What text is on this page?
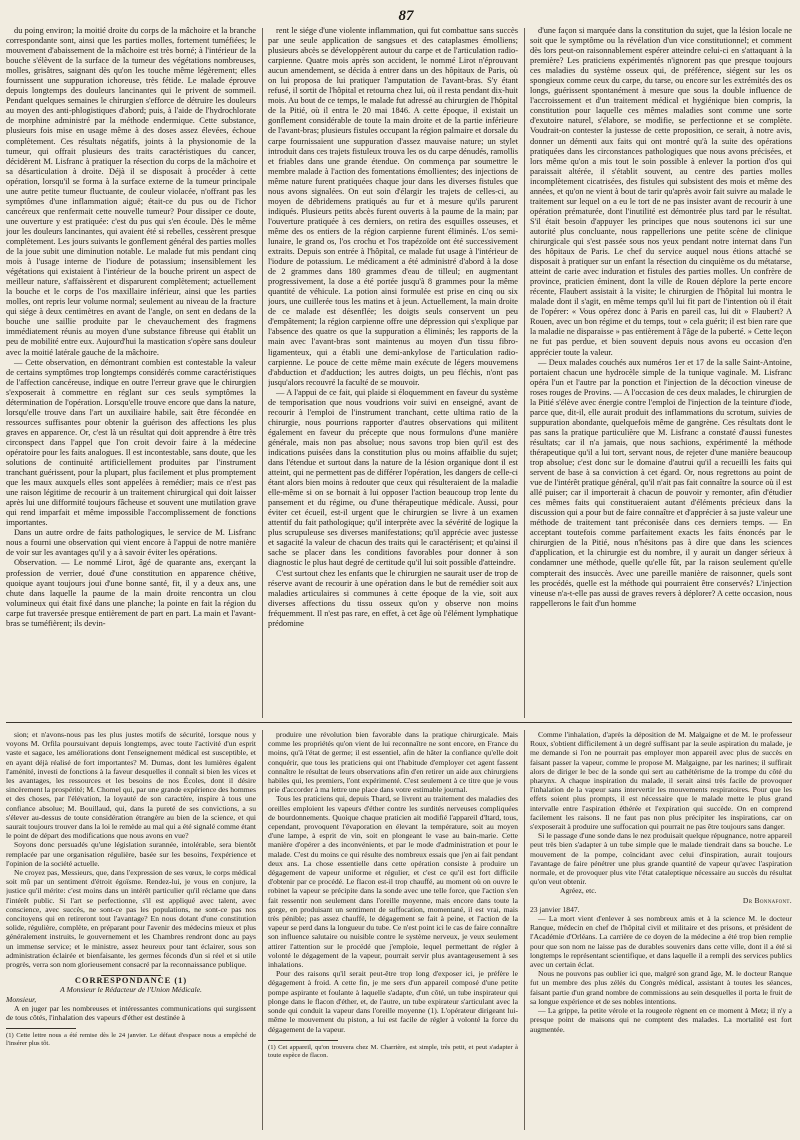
87

du poing environ; la moitié droite du corps de la mâchoire et la branche correspondante sont, ainsi que les parties molles, fortement tuméfiées; le mouvement d'abaissement de la mâchoire est très borné; à l'intérieur de la bouche s'élèvent de la surface de la tumeur des végétations nombreuses, molles, grisâtres, saignant dès qu'on les touche même légèrement; elles fournissent une suppuration ichoreuse, très fétide. Le malade éprouve depuis longtemps des douleurs lancinantes qui le privent de sommeil. Pendant quelques semaines le chirurgien s'efforce de détruire les douleurs au moyen des anti-phlogistiques d'abord; puis, à l'aide de l'hydrochlorate de morphine administré par la méthode endermique. Cette substance, plusieurs fois mise en usage même à des doses assez élevées, échoue complètement. Ces résultats négatifs, joints à la physionomie de la tumeur, qui offrait plusieurs des traits caractéristiques du cancer, décidèrent M. Lisfranc à pratiquer la résection du corps de la mâchoire et sa désarticulation à droite. Déjà il se disposait à procéder à cette opération, lorsqu'il se forma à la surface externe de la tumeur principale une autre petite tumeur fluctuante, de couleur violacée, n'offrant pas les symptômes d'une inflammation aiguë; était-ce du pus ou de l'ichor cancéreux que renfermait cette nouvelle tumeur? Pour dissiper ce doute, une ouverture y est pratiquée: c'est du pus qui s'en écoule. Dès le même jour les douleurs lancinantes, qui avaient été si rebelles, cessèrent presque complètement. Les jours suivants le gonflement général des parties molles de la joue subit une diminution notable. Le malade fut mis pendant cinq mois à l'usage interne de l'iodure de potassium; insensiblement les végétations qui existaient à l'intérieur de la bouche prirent un aspect de meilleur nature, s'affaissèrent et disparurent complètement; actuellement la bouche et le corps de l'os maxillaire inférieur, ainsi que les parties molles, ont repris leur volume normal; seulement au niveau de la fracture qui siége à deux centimètres en avant de l'angle, on sent en dedans de la bouche une saillie produite par le chevauchement des fragmens immédiatement réunis au moyen d'une substance fibreuse qui établit un peu de mobilité entre eux. Aujourd'hui la mastication s'opère sans douleur avec la moitié latérale gauche de la mâchoire.

— Cette observation, en démontrant combien est contestable la valeur de certains symptômes trop longtemps considérés comme caractéristiques de l'affection cancéreuse, indique en outre l'erreur grave que le chirurgien s'exposerait à commettre en réglant sur ces seuls symptômes la détermination de l'opération. Lorsqu'elle trouve encore que dans la nature, lorsqu'elle trouve dans l'art un auxiliaire habile, sait être fécondée en ressources suffisantes pour obtenir la guérison des affections les plus graves en apparence. Or, c'est là un résultat qui doit apprendre à être très circonspect dans l'appel que l'on croit devoir faire à la médecine opératoire pour les faits analogues. Il est incontestable, sans doute, que les solutions de continuité artificiellement produites par l'instrument tranchant guérissent, pour la plupart, plus facilement et plus promptement que les maux auxquels elles sont appelées à remédier; mais ce n'est pas une raison légitime de recourir à un traitement chirurgical qui doit laisser après lui une difformité toujours fâcheuse et souvent une mutilation grave qui rend imparfait et même impossible l'accomplissement de fonctions importantes.

Dans un autre ordre de faits pathologiques, le service de M. Lisfranc nous a fourni une observation qui vient encore à l'appui de notre manière de voir sur les avantages qu'il y a à savoir éviter les opérations.

Observation. — Le nommé Lirot, âgé de quarante ans, exerçant la profession de verrier, doué d'une constitution en apparence chétive, quoique ayant toujours joui d'une bonne santé, fit, il y a deux ans, une chute dans laquelle la paume de la main droite rencontra un clou volumineux qui était fixé dans une planche; la pointe en fait la région du carpe fut traversée presque entièrement de part en part. La main et l'avant-bras se tuméfièrent; ils devin-

rent le siége d'une violente inflammation, qui fut combattue sans succès par une seule application de sangsues et des cataplasmes émolliens; plusieurs abcès se développèrent autour du carpe et de l'articulation radio-carpienne. Quatre mois après son accident, le nommé Lirot n'éprouvant aucun amendement, se décida à entrer dans un des hôpitaux de Paris, où on lui proposa de lui pratiquer l'amputation de l'avant-bras. S'y étant refusé, il sortit de l'hôpital et retourna chez lui, où il resta pendant dix-huit mois. Au bout de ce temps, le malade fut adressé au chirurgien de l'hôpital de la Pitié, où il entra le 20 mai 1846. A cette époque, il existait un gonflement considérable de toute la main droite et de la partie inférieure de l'avant-bras; plusieurs fistules occupant la région palmaire et dorsale du carpe fournissaient une suppuration d'assez mauvaise nature; un stylet introduit dans ces trajets fistuleux trouva les os du carpe dénudés, ramollis et friables dans une grande étendue. On commença par soumettre le membre malade à l'action des fomentations émollientes; des injections de même nature furent pratiquées chaque jour dans les diverses fistules que nous avons signalées. On eut soin d'élargir les trajets de celles-ci, au moyen de débridemens pratiqués au fur et à mesure qu'ils parurent indiqués. Plusieurs petits abcès furent ouverts à la paume de la main; par l'ouverture pratiquée à ces derniers, on retira des esquilles osseuses, et même des os entiers de la région carpienne furent éliminés. L'os semi-lunaire, le grand os, l'os crochu et l'os trapézoïde ont été successivement extraits. Depuis son entrée à l'hôpital, ce malade fut usage à l'intérieur de l'iodure de potassium. Le médicament a été administré d'abord à la dose de 2 grammes dans 180 grammes d'eau de tilleul; en augmentant progressivement, la dose a été portée jusqu'à 8 grammes pour la même quantité de véhicule. La potion ainsi formulée est prise en cinq ou six jours, une cuillerée tous les matins et à jeun. Actuellement, la main droite de ce malade est désenflée; les doigts seuls conservent un peu d'empâtement; la région carpienne offre une dépression qui s'explique par l'absence des quatre os que la suppuration a éliminés; les rapports de la main avec l'avant-bras sont maintenus au moyen d'un tissu fibro-ligamenteux, qui a établi une demi-ankylose de l'articulation radio-carpienne. Le pouce de cette même main exécute de légers mouvemens d'abduction et d'adduction; les autres doigts, un peu fléchis, n'ont pas jusqu'alors recouvré la faculté de se mouvoir.

— A l'appui de ce fait, qui plaide si éloquemment en faveur du système de temporisation que nous voudrions voir suivi en enseigné, avant de recourir à l'emploi de l'instrument tranchant, cette ultima ratio de la chirurgie, nous pourrions rapporter d'autres observations qui militent également en faveur du précepte que nous formulons d'une manière générale, mais non pas absolue; nous savons trop bien qu'il est des indications puisées dans la constitution plus ou moins affaiblie du sujet; dans l'étendue et surtout dans la nature de la lésion organique dont il est atteint, qui ne permettent pas de différer l'opération, les dangers de celle-ci étant alors bien moins à redouter que ceux qui résulteraient de la maladie elle-même si on se bornait à lui opposer l'action beaucoup trop lente du pansement et du régime, ou d'une thérapeutique médicale. Aussi, pour éviter cet écueil, est-il urgent que le chirurgien se livre à un examen attentif du fait pathologique; qu'il interprète avec la sévérité de logique la plus scrupuleuse ses diverses manifestations; qu'il apprécie avec justesse et sagacité la valeur de chacun des traits qui le caractérisent; et qu'ainsi il sache se placer dans les conditions favorables pour donner à son diagnostic le plus haut degré de certitude qu'il lui soit possible d'atteindre.

C'est surtout chez les enfants que le chirurgien ne saurait user de trop de réserve avant de recourir à une opération dans le but de remédier soit aux maladies articulaires si communes à cette époque de la vie, soit aux diverses affections du tissu osseux qu'on y observe non moins fréquemment. Il n'est pas rare, en effet, à cet âge où l'élément lymphatique prédomine

d'une façon si marquée dans la constitution du sujet, que la lésion locale ne soit que le symptôme ou la révélation d'un vice constitutionnel; et comment dès lors peut-on raisonnablement espérer atteindre celui-ci en s'attaquant à la première? Les praticiens expérimentés n'ignorent pas que presque toujours ces maladies du système osseux qui, de préférence, siégent sur les os spongieux comme ceux du carpe, du tarse, ou encore sur les extrémités des os longs, guérissent spontanément à mesure que sous la double influence de l'accroissement et d'un traitement médical et hygiénique bien compris, la constitution pour laquelle ces mêmes maladies sont comme une sorte d'exutoire naturel, s'élabore, se modifie, se perfectionne et se complète. Voudrait-on contester la justesse de cette proposition, ce serait, à notre avis, donner un démenti aux faits qui ont montré qu'à la suite des opérations pratiquées dans les circonstances pathologiques que nous avons précisées, et lors même qu'on a mis tout le soin possible à enlever la portion d'os qui paraissait altérée, il s'établit souvent, au centre des parties molles incomplètement cicatrisées, des fistules qui subsistent des mois et même des années, et qu'on ne vient à bout de tarir qu'après avoir fait suivre au malade le traitement sur lequel on a eu le tort de ne pas insister avant de recourir à une opération prématurée, dont l'inutilité est démontrée plus tard par le résultat. S'il était besoin d'appuyer les principes que nous soutenons ici sur une autorité plus concluante, nous rappellerions une petite scène de clinique chirurgicale qui s'est passée sous nos yeux pendant notre internat dans l'un des hôpitaux de Paris. Le chef du service auquel nous étions attaché se disposait à pratiquer sur un enfant la résection du cinquième os du métatarse, atteint de carie avec induration et fistules des parties molles. Un confrère de province, praticien éminent, dont la ville de Rouen déplore la perte encore récente, Flaubert assistait à la visite; le chirurgien de l'hôpital lui montra le malade dont il s'agit, en même temps qu'il lui fit part de l'intention où il était de l'opérer: « Vous opérez donc à Paris en pareil cas, lui dit » Flaubert? A Rouen, avec un bon régime et du temps, tout » cela guérit; il est bien rare que la maladie ne disparaisse » pas entièrement à l'âge de la puberté. » Cette leçon ne fut pas perdue, et bien souvent depuis nous avons eu occasion d'en apprécier toute la valeur.

— Deux malades couchés aux numéros 1er et 17 de la salle Saint-Antoine, portaient chacun une hydrocèle simple de la tunique vaginale. M. Lisfranc opéra l'un et l'autre par la ponction et l'injection de la décoction vineuse de roses rouges de Provins. — A l'occasion de ces deux malades, le chirurgien de la Pitié s'élève avec énergie contre l'emploi de l'injection de la teinture d'iode, parce que, dit-il, elle aurait produit des inflammations du scrotum, suivies de suppuration abondante, quelquefois même de gangrène. Ces résultats dont le pas sans la pratique particulière que M. Lisfranc a constaté d'aussi funestes résultats; car il n'a jamais, que nous sachions, expérimenté la méthode thérapeutique qu'il a lui tort, servant nous, de rejeter d'une manière beaucoup trop absolue; c'est donc sur le domaine d'autrui qu'il a recueilli les faits qui servent de base à sa conviction à cet égard. Or, nous regrettons au point de vue de l'intérêt pratique général, qu'il n'ait pas fait connaître la source où il est allé puiser; car il importerait à chacun de pouvoir y remonter, afin d'étudier ces mêmes faits qui constitueraient autant d'éléments précieux dans la discussion qui a pour but de faire connaître et d'apprécier à sa juste valeur une méthode de traitement tant préconisée dans ces derniers temps. — En acceptant toutefois comme parfaitement exacts les faits énoncés par le chirurgien de la Pitié, nous n'hésitons pas à dire que dans les sciences d'application, et la chirurgie est du nombre, il y aurait un danger sérieux à condamner une méthode, quelle qu'elle fût, par la raison seulement qu'elle compterait des insuccès. Avec une pareille manière de raisonner, quels sont les procédés, quelle est la méthode qui pourraient être conservés? L'injection vineuse n'a-t-elle pas aussi de graves revers à déplorer? A cette occasion, nous rappellerons le fait d'un homme

sion; et n'avons-nous pas les plus justes motifs de sécurité, lorsque nous y voyons M. Orfila poursuivant depuis longtemps, avec toute l'activité d'un esprit vaste et sagace, les améliorations dont l'enseignement médical est susceptible, et en ayant déjà réalisé de fort importantes? M. Dumas, dont les lumières égalent l'aménité, investi de fonctions à la faveur desquelles il connaît si bien les vices et les avantages, les ressources et les besoins de nos Écoles, dont il désire sincèrement la prospérité; M. Chomel qui, par une grande expérience des hommes et des choses, par l'élévation, la loyauté de son caractère, inspire à tous une confiance absolue; M. Bouillaud, qui, dans la pureté de ses convictions, a su s'élever au-dessus de toute considération étrangère au bien de la science, et qui saurait toujours trouver dans la loi le remède au mal qui a été signalé comme étant le point de départ des modifications que nous avons en vue?

Soyons donc persuadés qu'une législation surannée, intolérable, sera bientôt remplacée par une organisation régulière, basée sur les besoins, l'expérience et l'opinion de la société actuelle.

Ne croyez pas, Messieurs, que, dans l'expression de ses vœux, le corps médical soit mû par un sentiment d'étroit égoïsme. Rendez-lui, je vous en conjure, la justice qu'il mérite: c'est moins dans un intérêt particulier qu'il réclame que dans l'intérêt public. Si l'art se perfectionne, s'il est appliqué avec talent, avec conscience, avec succès, ne sont-ce pas les populations, ne sont-ce pas nos concitoyens qui en retireront tout l'avantage? En nous dotant d'une constitution solide, régulière, complète, en préparant pour l'avenir des médecins mieux et plus généralement instruits, le gouvernement et les Chambres rendront donc au pays un immense service; et le ministre, assez heureux pour tant éclairer, sous son administration éclairée et bienfaisante, les germes féconds d'un si réel et si utile progrès, verra son nom glorieusement consacré par la reconnaissance publique.

CORRESPONDANCE (1)

A Monsieur le Rédacteur de l'Union Médicale.

Monsieur,

A en juger par les nombreuses et intéressantes communications qui surgissent de tous côtés, l'inhalation des vapeurs d'éther est destinée à

(1) Cette lettre nous a été remise dès le 24 janvier. Le défaut d'espace nous a empêché de l'insérer plus tôt.

produire une révolution bien favorable dans la pratique chirurgicale. Mais comme les propriétés qu'on vient de lui reconnaître ne sont encore, en France du moins, qu'à l'état de germe; il est essentiel, afin de hâter la confiance qu'elle doit conquérir, que tous les praticiens qui ont l'habitude d'employer cet agent fassent connaître le résultat de leurs observations afin d'en retirer un aide aux chirurgiens habiles qui, les premiers, l'ont expérimenté. C'est seulement à ce titre que je vous prie d'accorder à ma lettre une place dans votre estimable journal.

Tous les praticiens qui, depuis Thard, se livrent au traitement des maladies des oreilles emploient les vapeurs d'éther contre les surdités nerveuses compliquées de bourdonnements. Quoique chaque praticien ait modifié l'appareil d'Itard, tous, cependant, provoquent l'évaporation en élevant la température, soit au moyen d'une lampe, à esprit de vin, soit en plongeant le vase au bain-marie. Cette manière d'opérer a des inconvénients, et par le mode d'administration et pour le malade. C'est du moins ce qui résulte des nombreux essais que j'en ai fait pendant deux ans. La chose essentielle dans cette opération consiste à produire un dégagement de vapeur uniforme et régulier, et c'est ce qu'il est fort difficile d'obtenir par ce procédé. Le flacon est-il trop chauffé, au moment où on ouvre le robinet la vapeur se précipite dans la sonde avec une telle force, que l'action s'en fait ressentir non seulement dans l'oreille moyenne, mais encore dans toute la gorge, en produisant un sentiment de suffocation, momentané, il est vrai, mais très pénible; pas assez chauffé, le dégagement se fait à peine, et l'action de la vapeur se perd dans la longueur du tube. Ce n'est point ici le cas de faire connaître son influence salutaire ou nuisible contre le système nerveux, je veux seulement attirer l'attention sur le procédé que j'emploie, lequel permettant de régler à volonté le dégagement de la vapeur, pourrait servir plus avantageusement à ses inhalations.

Pour des raisons qu'il serait peut-être trop long d'exposer ici, je préfère le dégagement à froid. A cette fin, je me sers d'un appareil composé d'une petite pompe aspirante et foulante à laquelle s'adapte, d'un côté, un tube inspirateur qui plonge dans le flacon d'éther, et, de l'autre, un tube expirateur s'articulant avec la sonde qui conduit la vapeur dans l'oreille moyenne (1). L'opérateur dirigeant lui-même le mouvement du piston, a lui est facile de régler à volonté la force du dégagement de la vapeur.

(1) Cet appareil, qu'on trouvera chez M. Charrière, est simple, très petit, et peut s'adapter à toute espèce de flacon.

Comme l'inhalation, d'après la déposition de M. Malgaigne et de M. le professeur Roux, s'obtient difficilement à un degré suffisant par la seule aspiration du malade, je me demande si l'on ne pourrait pas employer mon appareil avec plus de succès en faisant passer la vapeur, comme le propose M. Malgaigne, par les narines; il suffirait alors de diriger le bec de la sonde qui sert au cathétérisme de la trompe du côté du pharynx. A chaque inspiration du malade, il serait ainsi très facile de provoquer l'inhalation de la vapeur sans intervertir les mouvements respiratoires. Pour que les effets soient plus prompts, il est nécessaire que le malade mette le plus grand intervalle entre l'aspiration éthérée et l'expiration qui succède. On en comprend facilement les raisons. Il ne faut pas non plus précipiter les inspirations, car on s'exposerait à produire une suffocation qui pourrait ne pas être toujours sans danger.

Si le passage d'une sonde dans le nez produisait quelque répugnance, notre appareil peut très bien s'adapter à un tube simple que le malade tiendrait dans sa bouche. Le mouvement de la pompe, coïncidant avec celui d'inspiration, aurait toujours l'avantage de faire pénétrer une plus grande quantité de vapeur qu'avec l'aspiration normale, et de provoquer plus vite l'état cataleptique nécessaire au succès du résultat qu'on veut obtenir.

Agréez, etc.

Dr Bonnafont.

23 janvier 1847.

— La mort vient d'enlever à ses nombreux amis et à la science M. le docteur Ranque, médecin en chef de l'hôpital civil et militaire et des prisons, et président de l'Académie d'Orléans. La carrière de ce doyen de la médecine a été trop bien remplie pour que son nom ne laisse pas de durables souvenirs dans cette ville, dont il a été si longtemps le représentant scientifique, et dans laquelle il a rempli des services publics avec un certain éclat.

Nous ne pouvons pas oublier ici que, malgré son grand âge, M. le docteur Ranque fut un membre des plus zélés du Congrès médical, assistant à toutes les séances, faisant partie d'un grand nombre de commissions au sein desquelles il porta le fruit de sa longue expérience et de ses nobles intentions.

— La grippe, la petite vérole et la rougeole règnent en ce moment à Metz; il n'y a presque point de maisons qui ne comptent des malades. La mortalité est fort augmentée.
